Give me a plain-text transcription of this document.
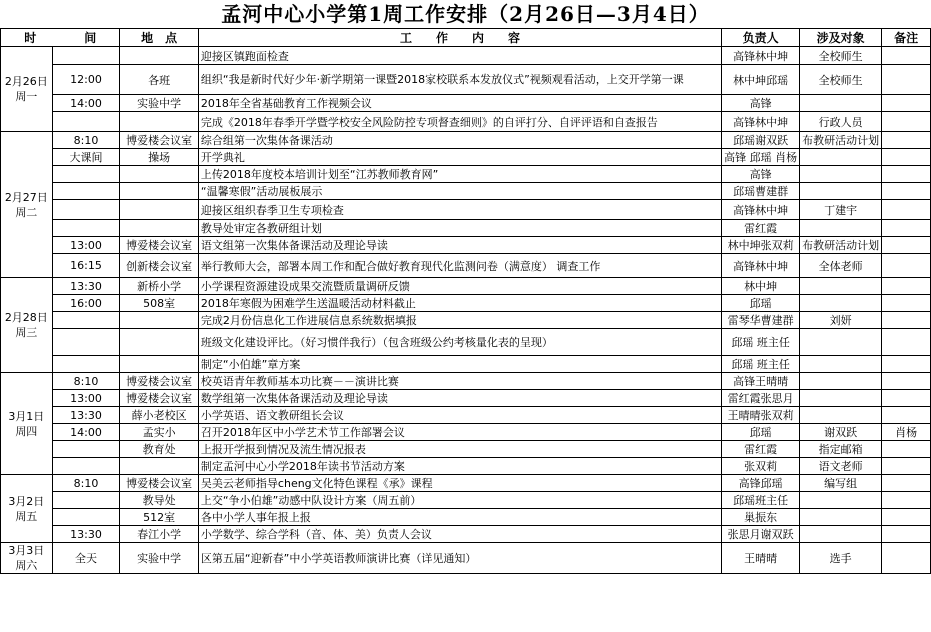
孟河中心小学第1周工作安排（2月26日—3月4日）
时　　　　间		地　点	工　　作　　内　　容	负责人	涉及对象	备注
2月26日
周一			迎接区镇跑面检查	高锋林中坤	全校师生	
	12:00	各班	组织“我是新时代好少年·新学期第一课暨2018家校联系本发放仪式”视频观看活动，上交开学第一课	林中坤邱瑶	全校师生	
	14:00	实验中学	2018年全省基础教育工作视频会议	高锋		
			完成《2018年春季开学暨学校安全风险防控专项督查细则》的自评打分、自评评语和自查报告	高锋林中坤	行政人员	
2月27日
周二	8:10	博爱楼会议室	综合组第一次集体备课活动	邱瑶谢双跃	布教研活动计划	
	大课间	操场	开学典礼	高锋 邱瑶 肖杨		
			上传2018年度校本培训计划至“江苏教师教育网”	高锋		
			“温馨寒假”活动展板展示	邱瑶曹建群		
			迎接区组织春季卫生专项检查	高锋林中坤	丁建宇	
			教导处审定各教研组计划	雷红霞		
	13:00	博爱楼会议室	语文组第一次集体备课活动及理论导读	林中坤张双莉	布教研活动计划	
	16:15	创新楼会议室	举行教师大会，部署本周工作和配合做好教育现代化监测问卷（满意度） 调查工作	高锋林中坤	全体老师	
2月28日
周三	13:30	新桥小学	小学课程资源建设成果交流暨质量调研反馈	林中坤		
	16:00	508室	2018年寒假为困难学生送温暖活动材料截止	邱瑶		
			完成2月份信息化工作进展信息系统数据填报	雷琴华曹建群	刘妍	
			班级文化建设评比。（好习惯伴我行）（包含班级公约考核量化表的呈现）	邱瑶 班主任		
			制定“小伯雄”章方案	邱瑶 班主任		
3月1日
周四	8:10	博爱楼会议室	校英语青年教师基本功比赛－－演讲比赛	高锋王晴晴		
	13:00	博爱楼会议室	数学组第一次集体备课活动及理论导读	雷红霞张思月		
	13:30	薛小老校区	小学英语、语文教研组长会议	王晴晴张双莉		
	14:00	孟实小	召开2018年区中小学艺术节工作部署会议	邱瑶	谢双跃	肖杨
		教育处	上报开学报到情况及流生情况报表	雷红霞	指定邮箱	
			制定孟河中心小学2018年读书节活动方案	张双莉	语文老师	
3月2日
周五	8:10	博爱楼会议室	吴美云老师指导cheng文化特色课程《承》课程	高锋邱瑶	编写组	
		教导处	上交“争小伯雄”动感中队设计方案（周五前）	邱瑶班主任		
		512室	各中小学人事年报上报	巢振东		
	13:30	春江小学	小学数学、综合学科（音、体、美）负责人会议	张思月谢双跃		
3月3日
周六	全天	实验中学	区第五届“迎新春”中小学英语教师演讲比赛（详见通知）	王晴晴	选手	
